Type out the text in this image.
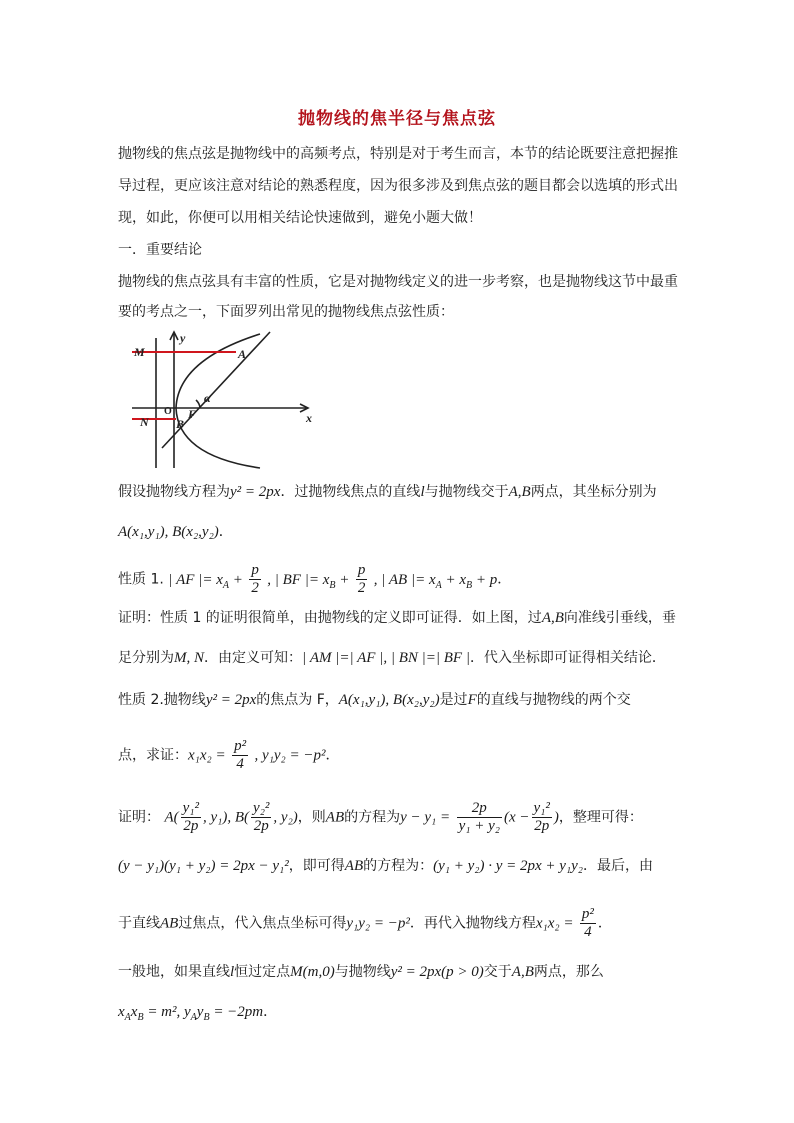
抛物线的焦半径与焦点弦
抛物线的焦点弦是抛物线中的高频考点，特别是对于考生而言，本节的结论既要注意把握推
导过程，更应该注意对结论的熟悉程度，因为很多涉及到焦点弦的题目都会以选填的形式出
现，如此，你便可以用相关结论快速做到，避免小题大做！
一．重要结论
抛物线的焦点弦具有丰富的性质，它是对抛物线定义的进一步考察，也是抛物线这节中最重
要的考点之一，下面罗列出常见的抛物线焦点弦性质：
y
x
M	A
N B
O F
α
假设抛物线方程为y² = 2px．过抛物线焦点的直线l与抛物线交于A,B两点，其坐标分别为
A(x₁,y₁), B(x₂,y₂)．
性质 1. | AF |= $x_A + \frac{p}{2}$ , | BF |= $x_B + \frac{p}{2}$ , | AB |= $x_A + x_B + p$．
证明：性质 1 的证明很简单，由抛物线的定义即可证得．如上图，过A,B向准线引垂线，垂
足分别为M, N．由定义可知：| AM |=| AF |, | BN |=| BF |．代入坐标即可证得相关结论．
性质 2.抛物线y² = 2px的焦点为 F，A(x₁,y₁), B(x₂,y₂)是过F的直线与抛物线的两个交
点，求证：$x_1x_2 = \frac{\text{p²}}{4}$ , y₁y₂ = −p²．
证明： $A( \frac{\text{y₁²}}{2p}$ , y₁), $B( \frac{\text{y₂²}}{2p}$ , y₂)，则AB的方程为$y - y_1 = \frac{2p}{\text{y₁ + y₂}} (x - \frac{\text{y₁²}}{2p}$ )，整理可得：
(y − y₁)(y₁ + y₂) = 2px − y₁²，即可得AB的方程为：(y₁ + y₂) · y = 2px + y₁y₂．最后，由
于直线AB过焦点，代入焦点坐标可得y₁y₂ = −p²．再代入抛物线方程$x_1x_2 = \frac{\text{p²}}{4}$ ．
一般地，如果直线l恒过定点M(m,0)与抛物线y² = 2px(p > 0)交于A,B两点，那么
$x_Ax_B = m^2$, $y_Ay_B = -2pm$．
